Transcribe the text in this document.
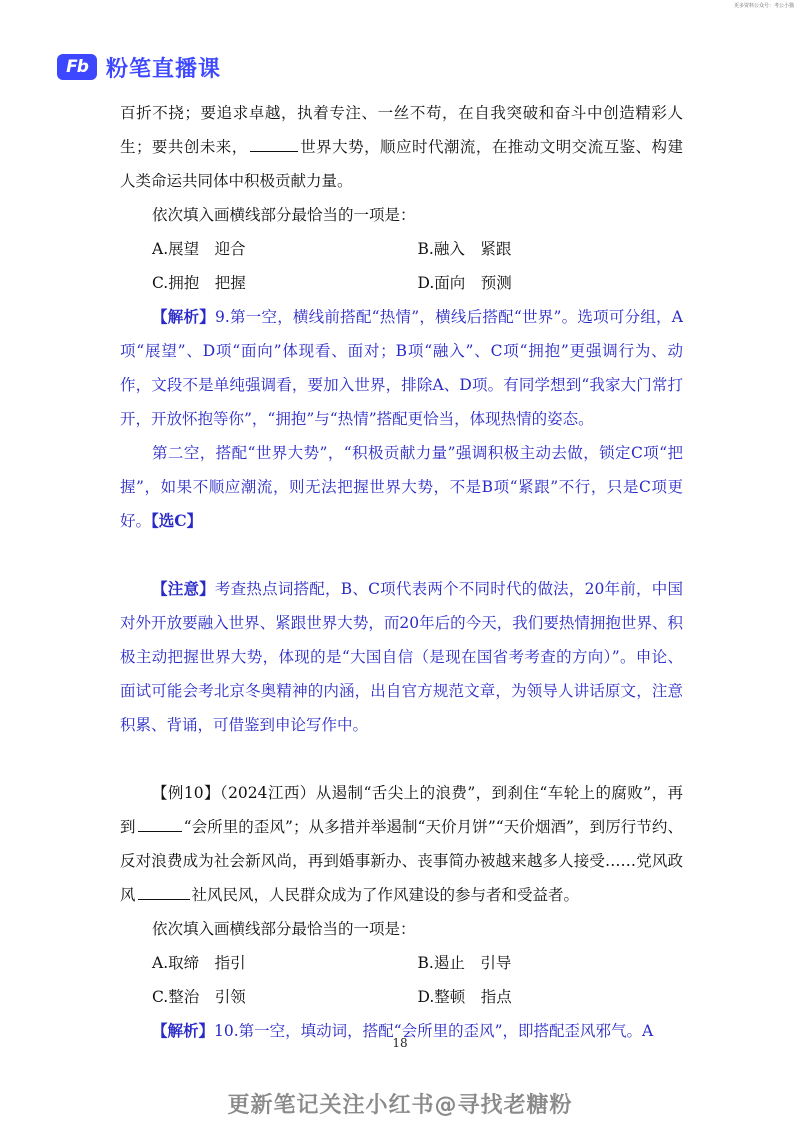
更多资料公众号：考公小猫
Fb 粉笔直播课

百折不挠；要追求卓越，执着专注、一丝不苟，在自我突破和奋斗中创造精彩人生；要共创未来，	世界大势，顺应时代潮流，在推动文明交流互鉴、构建人类命运共同体中积极贡献力量。

依次填入画横线部分最恰当的一项是：

A.展望　迎合	B.融入　紧跟
C.拥抱　把握	D.面向　预测

【解析】9.第一空，横线前搭配“热情”，横线后搭配“世界”。选项可分组，A项“展望”、D项“面向”体现看、面对；B项“融入”、C项“拥抱”更强调行为、动作，文段不是单纯强调看，要加入世界，排除A、D项。有同学想到“我家大门常打开，开放怀抱等你”，“拥抱”与“热情”搭配更恰当，体现热情的姿态。

第二空，搭配“世界大势”，“积极贡献力量”强调积极主动去做，锁定C项“把握”，如果不顺应潮流，则无法把握世界大势，不是B项“紧跟”不行，只是C项更好。【选C】

【注意】考查热点词搭配，B、C项代表两个不同时代的做法，20年前，中国对外开放要融入世界、紧跟世界大势，而20年后的今天，我们要热情拥抱世界、积极主动把握世界大势，体现的是“大国自信（是现在国省考考查的方向）”。申论、面试可能会考北京冬奥精神的内涵，出自官方规范文章，为领导人讲话原文，注意积累、背诵，可借鉴到申论写作中。

【例10】（2024江西）从遏制“舌尖上的浪费”，到刹住“车轮上的腐败”，再到	“会所里的歪风”；从多措并举遏制“天价月饼”“天价烟酒”，到厉行节约、反对浪费成为社会新风尚，再到婚事新办、丧事简办被越来越多人接受……党风政风	社风民风，人民群众成为了作风建设的参与者和受益者。

依次填入画横线部分最恰当的一项是：

A.取缔　指引	B.遏止　引导
C.整治　引领	D.整顿　指点

【解析】10.第一空，填动词，搭配“会所里的歪风”，即搭配歪风邪气。A

18
更新笔记关注小红书@寻找老糖粉
